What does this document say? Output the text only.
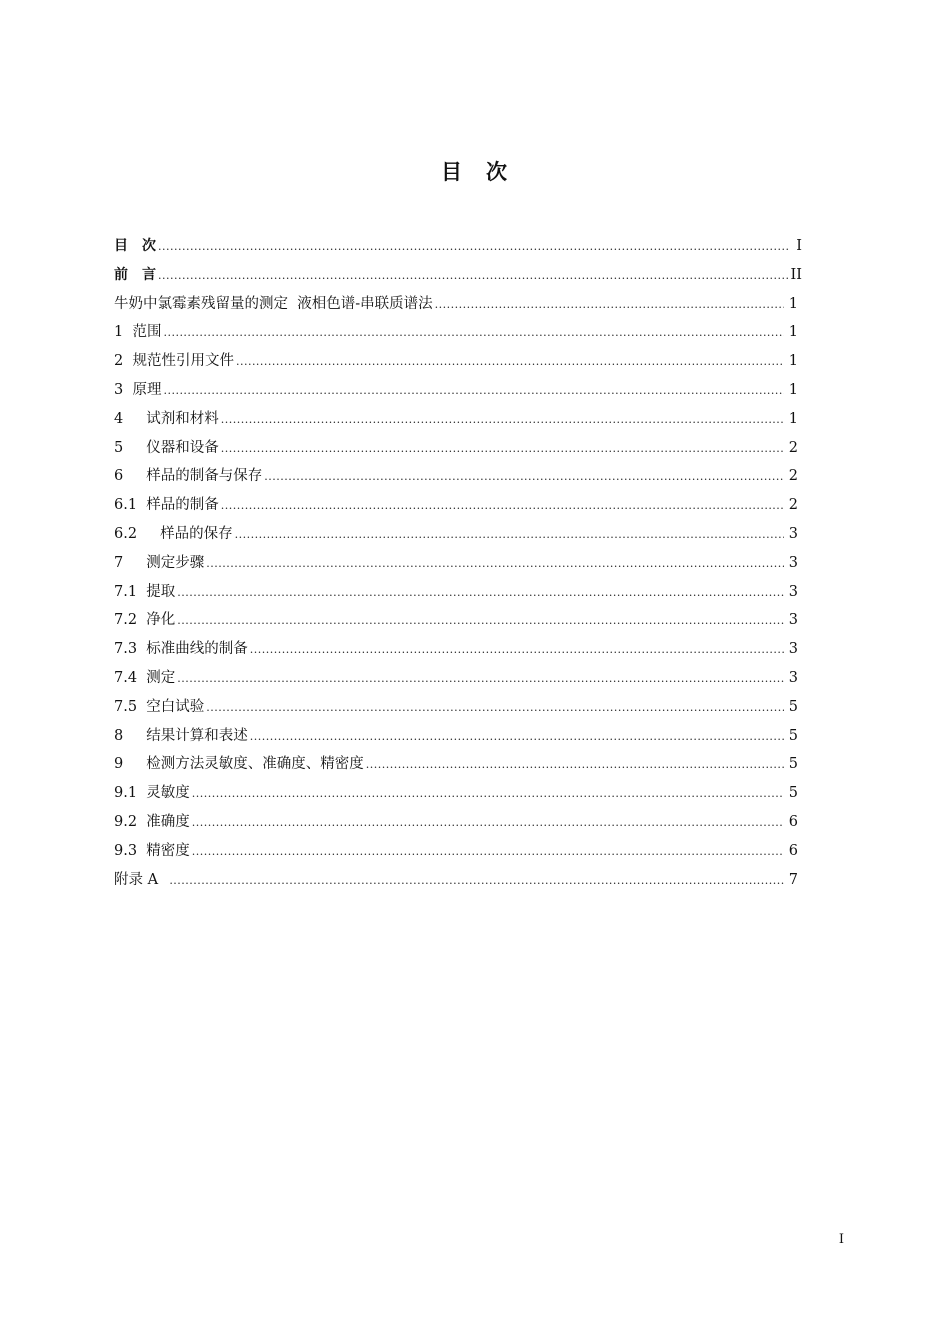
目 次
目　次 .....	I
前　言 .....	II
牛奶中氯霉素残留量的测定  液相色谱-串联质谱法 .....	1
1  范围 .....	1
2  规范性引用文件 .....	1
3  原理 .....	1
4     试剂和材料 .....	1
5     仪器和设备 .....	2
6     样品的制备与保存 .....	2
6.1  样品的制备 .....	2
6.2     样品的保存 .....	3
7     测定步骤 .....	3
7.1  提取 .....	3
7.2  净化 .....	3
7.3  标准曲线的制备 .....	3
7.4  测定 .....	3
7.5  空白试验 .....	5
8     结果计算和表述 .....	5
9     检测方法灵敏度、准确度、精密度 .....	5
9.1  灵敏度 .....	5
9.2  准确度 .....	6
9.3  精密度 .....	6
附录 A .....	7
I
